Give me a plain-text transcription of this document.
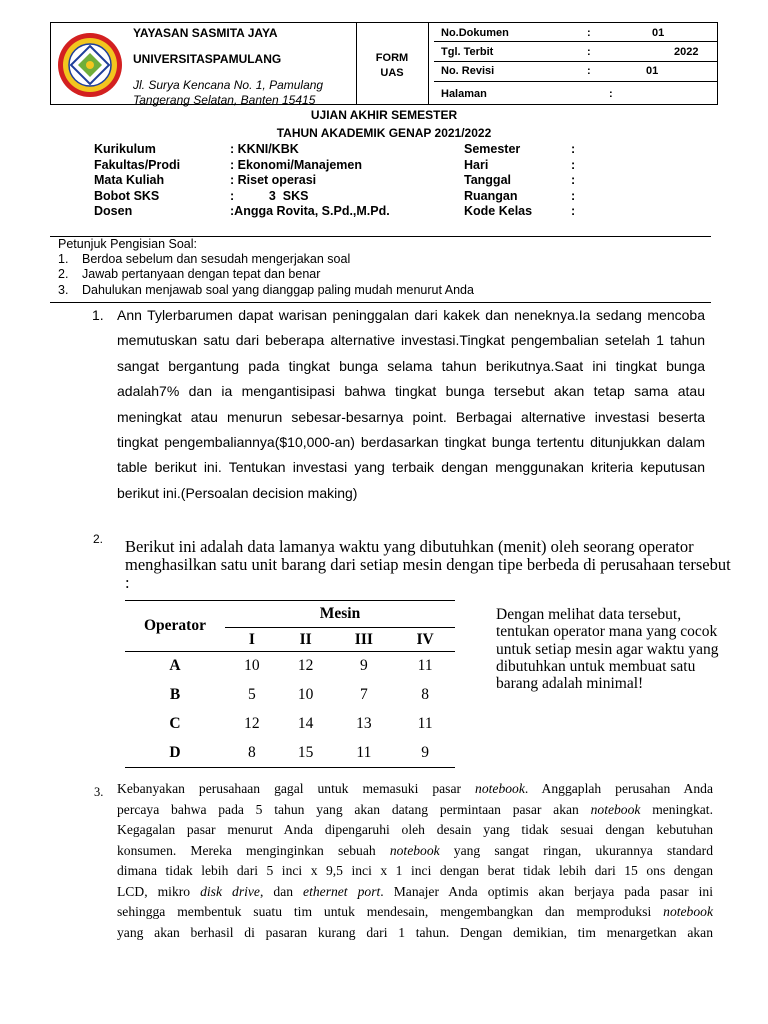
YAYASAN SASMITA JAYA
UNIVERSITASPAMULANG
Jl. Surya Kencana No. 1, Pamulang
Tangerang Selatan, Banten 15415
FORM
UAS
No.Dokumen	:	01
Tgl. Terbit	:	2022
No. Revisi	:	01
Halaman	:
UJIAN AKHIR SEMESTER
TAHUN AKADEMIK GENAP 2021/2022
Kurikulum	: KKNI/KBK
Fakultas/Prodi	: Ekonomi/Manajemen
Mata Kuliah	: Riset operasi
Bobot SKS	:          3  SKS
Dosen	:Angga Rovita, S.Pd.,M.Pd.
Semester	:
Hari	:
Tanggal	:
Ruangan	:
Kode Kelas	:
Petunjuk Pengisian Soal:
1. Berdoa sebelum dan sesudah mengerjakan soal
2. Jawab pertanyaan dengan tepat dan benar
3. Dahulukan menjawab soal yang dianggap paling mudah menurut Anda
1. Ann Tylerbarumen dapat warisan peninggalan dari kakek dan neneknya.Ia sedang mencoba memutuskan satu dari beberapa alternative investasi.Tingkat pengembalian setelah 1 tahun sangat bergantung pada tingkat bunga selama tahun berikutnya.Saat ini tingkat bunga adalah7% dan ia mengantisipasi bahwa tingkat bunga tersebut akan tetap sama atau meningkat atau menurun sebesar-besarnya point. Berbagai alternative investasi beserta tingkat pengembaliannya($10,000-an) berdasarkan tingkat bunga tertentu ditunjukkan dalam table berikut ini. Tentukan investasi yang terbaik dengan menggunakan kriteria keputusan berikut ini.(Persoalan decision making)
2. Berikut ini adalah data lamanya waktu yang dibutuhkan (menit) oleh seorang operator menghasilkan satu unit barang dari setiap mesin dengan tipe berbeda di perusahaan tersebut :
Operator	Mesin			
	I	II	III	IV
A	10	12	9	11
B	5	10	7	8
C	12	14	13	11
D	8	15	11	9
Dengan melihat data tersebut, tentukan operator mana yang cocok untuk setiap mesin agar waktu yang dibutuhkan untuk membuat satu barang adalah minimal!
3. Kebanyakan perusahaan gagal untuk memasuki pasar notebook. Anggaplah perusahan Anda
percaya bahwa pada 5 tahun yang akan datang permintaan pasar akan notebook meningkat.
Kegagalan pasar menurut Anda dipengaruhi oleh desain yang tidak sesuai dengan kebutuhan
konsumen. Mereka menginginkan sebuah notebook yang sangat ringan, ukurannya standard
dimana tidak lebih dari 5 inci x 9,5 inci x 1 inci dengan berat tidak lebih dari 15 ons dengan
LCD, mikro disk drive, dan ethernet port. Manajer Anda optimis akan berjaya pada pasar ini
sehingga membentuk suatu tim untuk mendesain, mengembangkan dan memproduksi notebook
yang akan berhasil di pasaran kurang dari 1 tahun. Dengan demikian, tim menargetkan akan
